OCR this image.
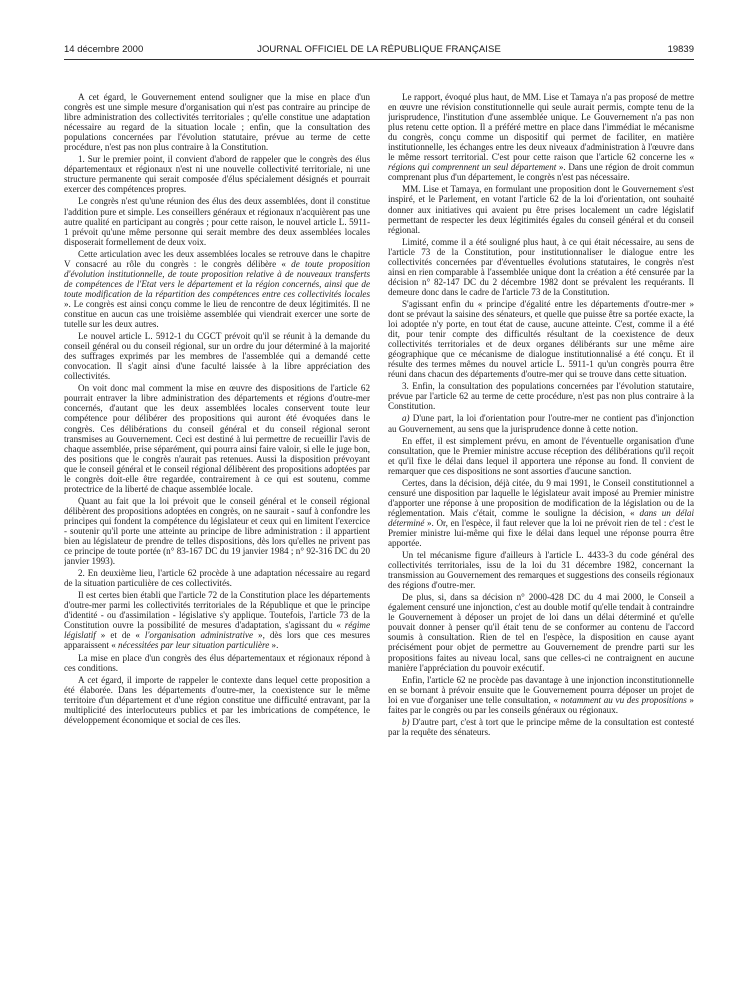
14 décembre 2000	JOURNAL OFFICIEL DE LA RÉPUBLIQUE FRANÇAISE	19839

A cet égard, le Gouvernement entend souligner que la mise en place d'un congrès est une simple mesure d'organisation qui n'est pas contraire au principe de libre administration des collectivités territoriales ; qu'elle constitue une adaptation nécessaire au regard de la situation locale ; enfin, que la consultation des populations concernées par l'évolution statutaire, prévue au terme de cette procédure, n'est pas non plus contraire à la Constitution.

1. Sur le premier point, il convient d'abord de rappeler que le congrès des élus départementaux et régionaux n'est ni une nouvelle collectivité territoriale, ni une structure permanente qui serait composée d'élus spécialement désignés et pourrait exercer des compétences propres.

Le congrès n'est qu'une réunion des élus des deux assemblées, dont il constitue l'addition pure et simple. Les conseillers généraux et régionaux n'acquièrent pas une autre qualité en participant au congrès ; pour cette raison, le nouvel article L. 5911-1 prévoit qu'une même personne qui serait membre des deux assemblées locales disposerait formellement de deux voix.

Cette articulation avec les deux assemblées locales se retrouve dans le chapitre V consacré au rôle du congrès : le congrès délibère « de toute proposition d'évolution institutionnelle, de toute proposition relative à de nouveaux transferts de compétences de l'Etat vers le département et la région concernés, ainsi que de toute modification de la répartition des compétences entre ces collectivités locales ». Le congrès est ainsi conçu comme le lieu de rencontre de deux légitimités. Il ne constitue en aucun cas une troisième assemblée qui viendrait exercer une sorte de tutelle sur les deux autres.

Le nouvel article L. 5912-1 du CGCT prévoit qu'il se réunit à la demande du conseil général ou du conseil régional, sur un ordre du jour déterminé à la majorité des suffrages exprimés par les membres de l'assemblée qui a demandé cette convocation. Il s'agit ainsi d'une faculté laissée à la libre appréciation des collectivités.

On voit donc mal comment la mise en œuvre des dispositions de l'article 62 pourrait entraver la libre administration des départements et régions d'outre-mer concernés, d'autant que les deux assemblées locales conservent toute leur compétence pour délibérer des propositions qui auront été évoquées dans le congrès. Ces délibérations du conseil général et du conseil régional seront transmises au Gouvernement. Ceci est destiné à lui permettre de recueillir l'avis de chaque assemblée, prise séparément, qui pourra ainsi faire valoir, si elle le juge bon, des positions que le congrès n'aurait pas retenues. Aussi la disposition prévoyant que le conseil général et le conseil régional délibèrent des propositions adoptées par le congrès doit-elle être regardée, contrairement à ce qui est soutenu, comme protectrice de la liberté de chaque assemblée locale.

Quant au fait que la loi prévoit que le conseil général et le conseil régional délibèrent des propositions adoptées en congrès, on ne saurait - sauf à confondre les principes qui fondent la compétence du législateur et ceux qui en limitent l'exercice - soutenir qu'il porte une atteinte au principe de libre administration : il appartient bien au législateur de prendre de telles dispositions, dès lors qu'elles ne privent pas ce principe de toute portée (n° 83-167 DC du 19 janvier 1984 ; n° 92-316 DC du 20 janvier 1993).

2. En deuxième lieu, l'article 62 procède à une adaptation nécessaire au regard de la situation particulière de ces collectivités.

Il est certes bien établi que l'article 72 de la Constitution place les départements d'outre-mer parmi les collectivités territoriales de la République et que le principe d'identité - ou d'assimilation - législative s'y applique. Toutefois, l'article 73 de la Constitution ouvre la possibilité de mesures d'adaptation, s'agissant du « régime législatif » et de « l'organisation administrative », dès lors que ces mesures apparaissent « nécessitées par leur situation particulière ».

La mise en place d'un congrès des élus départementaux et régionaux répond à ces conditions.

A cet égard, il importe de rappeler le contexte dans lequel cette proposition a été élaborée. Dans les départements d'outre-mer, la coexistence sur le même territoire d'un département et d'une région constitue une difficulté entravant, par la multiplicité des interlocuteurs publics et par les imbrications de compétence, le développement économique et social de ces îles.

Le rapport, évoqué plus haut, de MM. Lise et Tamaya n'a pas proposé de mettre en œuvre une révision constitutionnelle qui seule aurait permis, compte tenu de la jurisprudence, l'institution d'une assemblée unique. Le Gouvernement n'a pas non plus retenu cette option. Il a préféré mettre en place dans l'immédiat le mécanisme du congrès, conçu comme un dispositif qui permet de faciliter, en matière institutionnelle, les échanges entre les deux niveaux d'administration à l'œuvre dans le même ressort territorial. C'est pour cette raison que l'article 62 concerne les « régions qui comprennent un seul département ». Dans une région de droit commun comprenant plus d'un département, le congrès n'est pas nécessaire.

MM. Lise et Tamaya, en formulant une proposition dont le Gouvernement s'est inspiré, et le Parlement, en votant l'article 62 de la loi d'orientation, ont souhaité donner aux initiatives qui avaient pu être prises localement un cadre législatif permettant de respecter les deux légitimités égales du conseil général et du conseil régional.

Limité, comme il a été souligné plus haut, à ce qui était nécessaire, au sens de l'article 73 de la Constitution, pour institutionnaliser le dialogue entre les collectivités concernées par d'éventuelles évolutions statutaires, le congrès n'est ainsi en rien comparable à l'assemblée unique dont la création a été censurée par la décision n° 82-147 DC du 2 décembre 1982 dont se prévalent les requérants. Il demeure donc dans le cadre de l'article 73 de la Constitution.

S'agissant enfin du « principe d'égalité entre les départements d'outre-mer » dont se prévaut la saisine des sénateurs, et quelle que puisse être sa portée exacte, la loi adoptée n'y porte, en tout état de cause, aucune atteinte. C'est, comme il a été dit, pour tenir compte des difficultés résultant de la coexistence de deux collectivités territoriales et de deux organes délibérants sur une même aire géographique que ce mécanisme de dialogue institutionnalisé a été conçu. Et il résulte des termes mêmes du nouvel article L. 5911-1 qu'un congrès pourra être réuni dans chacun des départements d'outre-mer qui se trouve dans cette situation.

3. Enfin, la consultation des populations concernées par l'évolution statutaire, prévue par l'article 62 au terme de cette procédure, n'est pas non plus contraire à la Constitution.

a) D'une part, la loi d'orientation pour l'outre-mer ne contient pas d'injonction au Gouvernement, au sens que la jurisprudence donne à cette notion.

En effet, il est simplement prévu, en amont de l'éventuelle organisation d'une consultation, que le Premier ministre accuse réception des délibérations qu'il reçoit et qu'il fixe le délai dans lequel il apportera une réponse au fond. Il convient de remarquer que ces dispositions ne sont assorties d'aucune sanction.

Certes, dans la décision, déjà citée, du 9 mai 1991, le Conseil constitutionnel a censuré une disposition par laquelle le législateur avait imposé au Premier ministre d'apporter une réponse à une proposition de modification de la législation ou de la réglementation. Mais c'était, comme le souligne la décision, « dans un délai déterminé ». Or, en l'espèce, il faut relever que la loi ne prévoit rien de tel : c'est le Premier ministre lui-même qui fixe le délai dans lequel une réponse pourra être apportée.

Un tel mécanisme figure d'ailleurs à l'article L. 4433-3 du code général des collectivités territoriales, issu de la loi du 31 décembre 1982, concernant la transmission au Gouvernement des remarques et suggestions des conseils régionaux des régions d'outre-mer.

De plus, si, dans sa décision n° 2000-428 DC du 4 mai 2000, le Conseil a également censuré une injonction, c'est au double motif qu'elle tendait à contraindre le Gouvernement à déposer un projet de loi dans un délai déterminé et qu'elle pouvait donner à penser qu'il était tenu de se conformer au contenu de l'accord soumis à consultation. Rien de tel en l'espèce, la disposition en cause ayant précisément pour objet de permettre au Gouvernement de prendre parti sur les propositions faites au niveau local, sans que celles-ci ne contraignent en aucune manière l'appréciation du pouvoir exécutif.

Enfin, l'article 62 ne procède pas davantage à une injonction inconstitutionnelle en se bornant à prévoir ensuite que le Gouvernement pourra déposer un projet de loi en vue d'organiser une telle consultation, « notamment au vu des propositions » faites par le congrès ou par les conseils généraux ou régionaux.

b) D'autre part, c'est à tort que le principe même de la consultation est contesté par la requête des sénateurs.
